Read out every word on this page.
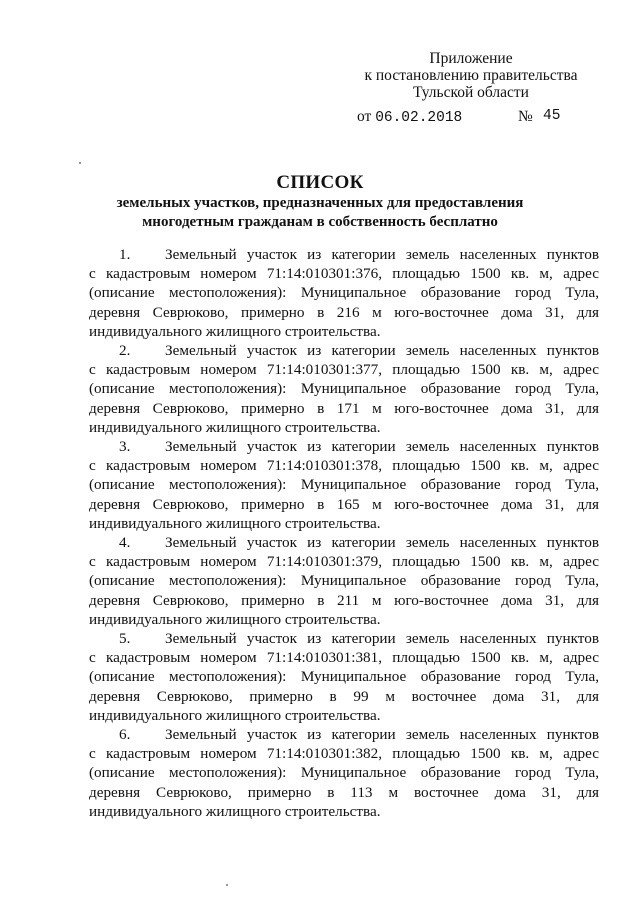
Приложение
к постановлению правительства
Тульской области
от 06.02.2018	№ 45
СПИСОК
земельных участков, предназначенных для предоставления
многодетным гражданам в собственность бесплатно

1. Земельный участок из категории земель населенных пунктов

с кадастровым номером 71:14:010301:376, площадью 1500 кв. м, адрес

(описание местоположения): Муниципальное образование город Тула,

деревня Севрюково, примерно в 216 м юго-восточнее дома 31, для

индивидуального жилищного строительства.

2. Земельный участок из категории земель населенных пунктов

с кадастровым номером 71:14:010301:377, площадью 1500 кв. м, адрес

(описание местоположения): Муниципальное образование город Тула,

деревня Севрюково, примерно в 171 м юго-восточнее дома 31, для

индивидуального жилищного строительства.

3. Земельный участок из категории земель населенных пунктов

с кадастровым номером 71:14:010301:378, площадью 1500 кв. м, адрес

(описание местоположения): Муниципальное образование город Тула,

деревня Севрюково, примерно в 165 м юго-восточнее дома 31, для

индивидуального жилищного строительства.

4. Земельный участок из категории земель населенных пунктов

с кадастровым номером 71:14:010301:379, площадью 1500 кв. м, адрес

(описание местоположения): Муниципальное образование город Тула,

деревня Севрюково, примерно в 211 м юго-восточнее дома 31, для

индивидуального жилищного строительства.

5. Земельный участок из категории земель населенных пунктов

с кадастровым номером 71:14:010301:381, площадью 1500 кв. м, адрес

(описание местоположения): Муниципальное образование город Тула,

деревня Севрюково, примерно в 99 м восточнее дома 31, для

индивидуального жилищного строительства.

6. Земельный участок из категории земель населенных пунктов

с кадастровым номером 71:14:010301:382, площадью 1500 кв. м, адрес

(описание местоположения): Муниципальное образование город Тула,

деревня Севрюково, примерно в 113 м восточнее дома 31, для

индивидуального жилищного строительства.
